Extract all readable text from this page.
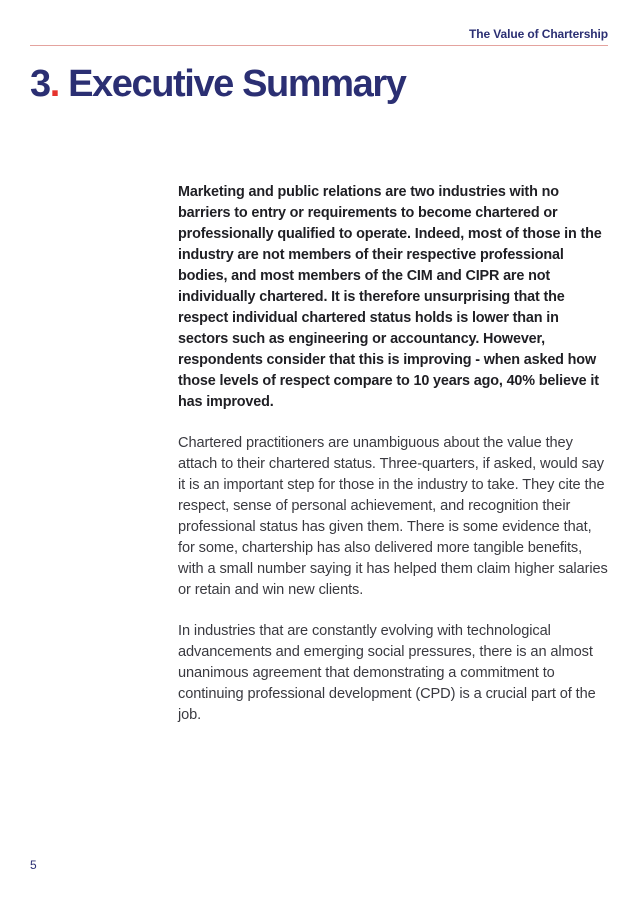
The Value of Chartership
3. Executive Summary

Marketing and public relations are two industries with no barriers to entry or requirements to become chartered or professionally qualified to operate. Indeed, most of those in the industry are not members of their respective professional bodies, and most members of the CIM and CIPR are not individually chartered. It is therefore unsurprising that the respect individual chartered status holds is lower than in sectors such as engineering or accountancy. However, respondents consider that this is improving - when asked how those levels of respect compare to 10 years ago, 40% believe it has improved.

Chartered practitioners are unambiguous about the value they attach to their chartered status. Three-quarters, if asked, would say it is an important step for those in the industry to take. They cite the respect, sense of personal achievement, and recognition their professional status has given them. There is some evidence that, for some, chartership has also delivered more tangible benefits, with a small number saying it has helped them claim higher salaries or retain and win new clients.

In industries that are constantly evolving with technological advancements and emerging social pressures, there is an almost unanimous agreement that demonstrating a commitment to continuing professional development (CPD) is a crucial part of the job.

5
